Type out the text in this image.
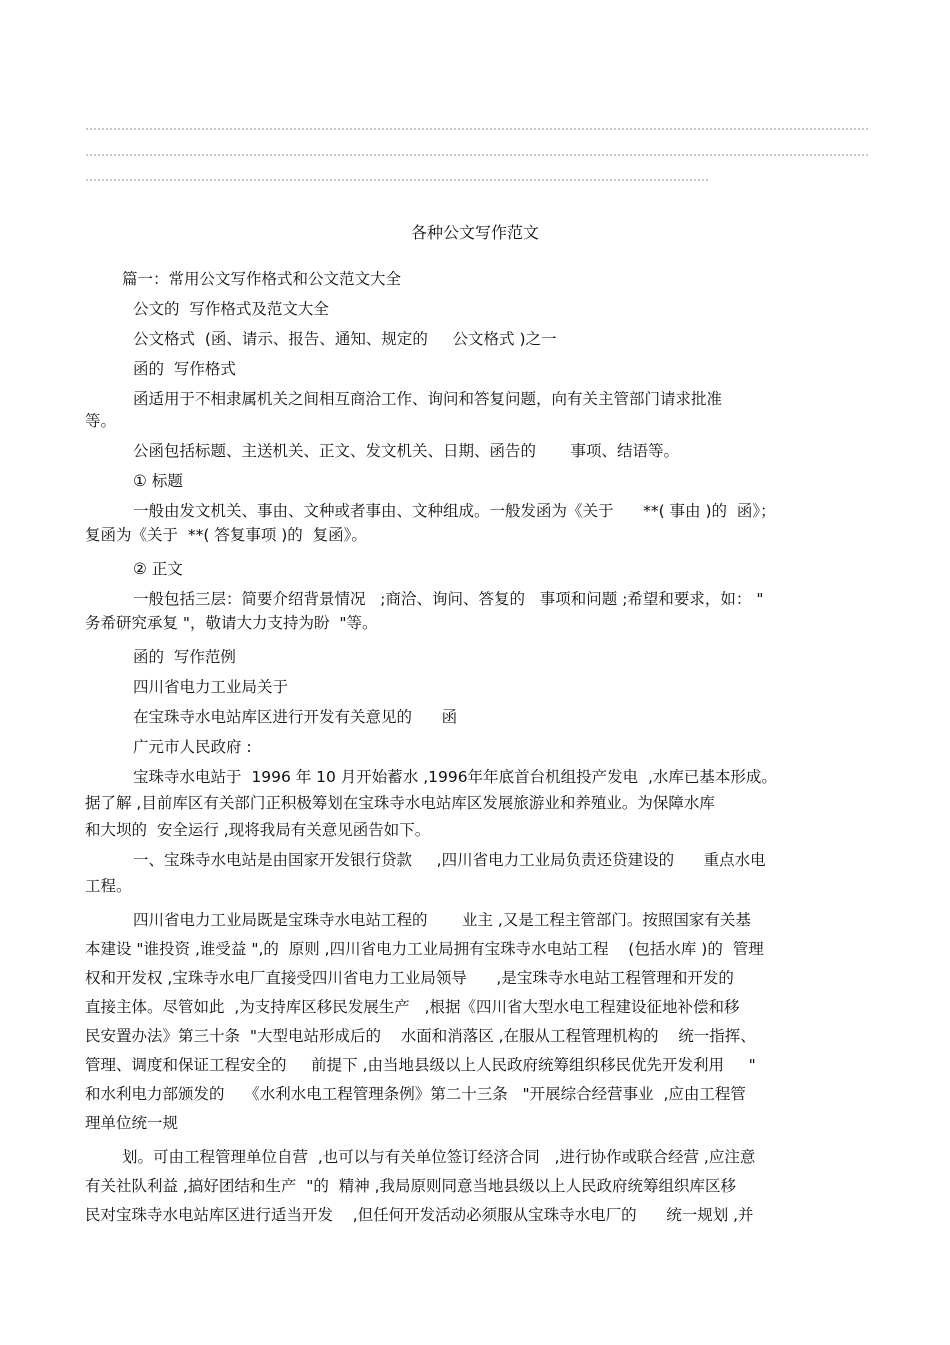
各种公文写作范文
篇一：常用公文写作格式和公文范文大全
公文的  写作格式及范文大全
公文格式  (函、请示、报告、通知、规定的     公文格式 )之一
函的  写作格式
函适用于不相隶属机关之间相互商洽工作、询问和答复问题，向有关主管部门请求批准
等。
公函包括标题、主送机关、正文、发文机关、日期、函告的       事项、结语等。
① 标题
一般由发文机关、事由、文种或者事由、文种组成。一般发函为《关于      **( 事由 )的  函》；
复函为《关于  **( 答复事项 )的  复函》。
② 正文
一般包括三层：简要介绍背景情况   ;商洽、询问、答复的   事项和问题 ;希望和要求，如： "
务希研究承复 "，敬请大力支持为盼  "等。
函的  写作范例
四川省电力工业局关于
在宝珠寺水电站库区进行开发有关意见的      函
广元市人民政府 :
宝珠寺水电站于  1996 年 10 月开始蓄水 ,1996年年底首台机组投产发电  ,水库已基本形成。
据了解 ,目前库区有关部门正积极筹划在宝珠寺水电站库区发展旅游业和养殖业。为保障水库
和大坝的  安全运行 ,现将我局有关意见函告如下。
一、宝珠寺水电站是由国家开发银行贷款     ,四川省电力工业局负责还贷建设的      重点水电
工程。
四川省电力工业局既是宝珠寺水电站工程的       业主 ,又是工程主管部门。按照国家有关基
本建设 "谁投资 ,谁受益 ",的  原则 ,四川省电力工业局拥有宝珠寺水电站工程    (包括水库 )的  管理
权和开发权 ,宝珠寺水电厂直接受四川省电力工业局领导      ,是宝珠寺水电站工程管理和开发的
直接主体。尽管如此  ,为支持库区移民发展生产   ,根据《四川省大型水电工程建设征地补偿和移
民安置办法》第三十条  "大型电站形成后的    水面和消落区 ,在服从工程管理机构的    统一指挥、
管理、调度和保证工程安全的     前提下 ,由当地县级以上人民政府统筹组织移民优先开发利用     "
和水利电力部颁发的    《水利水电工程管理条例》第二十三条   "开展综合经营事业  ,应由工程管
理单位统一规
划。可由工程管理单位自营  ,也可以与有关单位签订经济合同   ,进行协作或联合经营 ,应注意
有关社队利益 ,搞好团结和生产  "的  精神 ,我局原则同意当地县级以上人民政府统筹组织库区移
民对宝珠寺水电站库区进行适当开发    ,但任何开发活动必须服从宝珠寺水电厂的      统一规划 ,并
